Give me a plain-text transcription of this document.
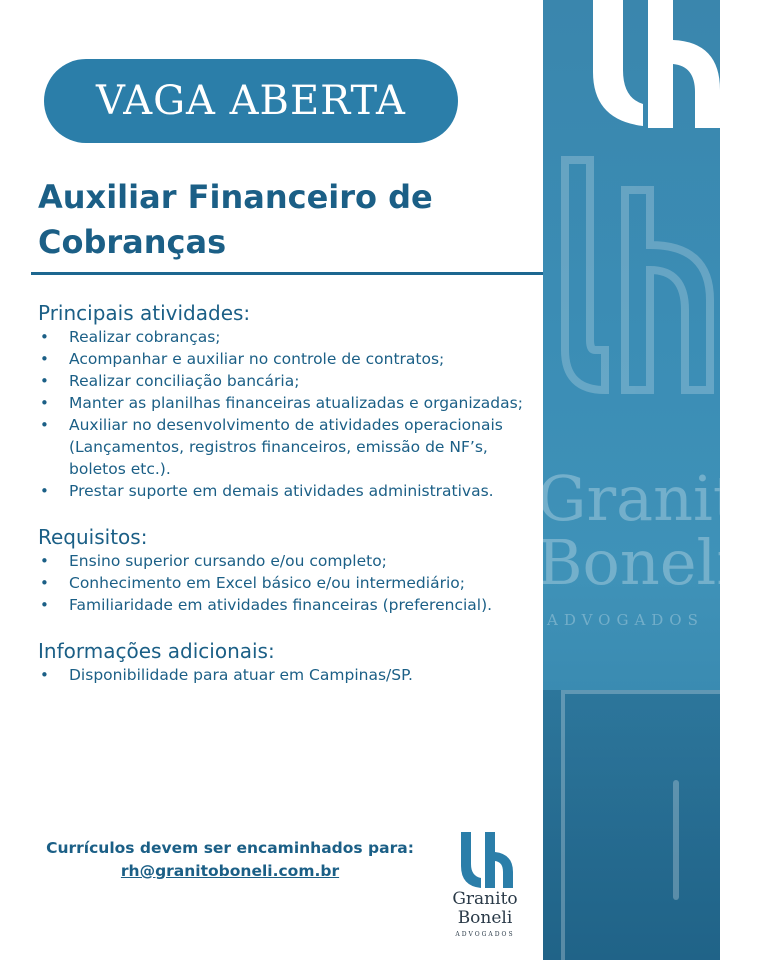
Granito
Boneli
ADVOGADOS
VAGA ABERTA
Auxiliar Financeiro de Cobranças
Principais atividades:
• Realizar cobranças;
• Acompanhar e auxiliar no controle de contratos;
• Realizar conciliação bancária;
• Manter as planilhas financeiras atualizadas e organizadas;
• Auxiliar no desenvolvimento de atividades operacionais (Lançamentos, registros financeiros, emissão de NF’s, boletos etc.).
• Prestar suporte em demais atividades administrativas.
Requisitos:
• Ensino superior cursando e/ou completo;
• Conhecimento em Excel básico e/ou intermediário;
• Familiaridade em atividades financeiras (preferencial).
Informações adicionais:
• Disponibilidade para atuar em Campinas/SP.
Currículos devem ser encaminhados para:
rh@granitoboneli.com.br
Granito
Boneli
ADVOGADOS
